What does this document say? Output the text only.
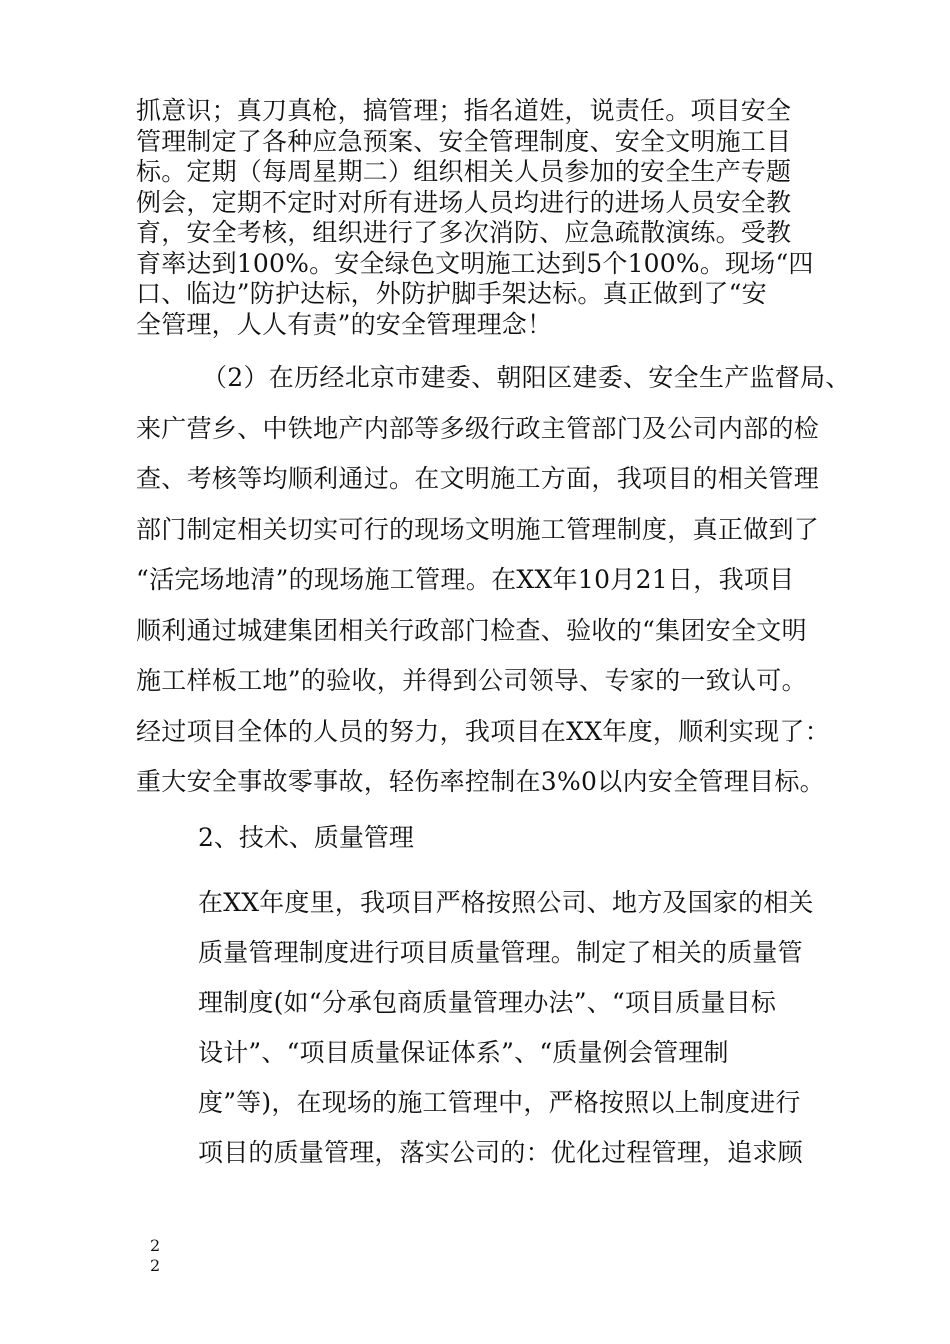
抓意识；真刀真枪，搞管理；指名道姓，说责任。项目安全
管理制定了各种应急预案、安全管理制度、安全文明施工目
标。定期（每周星期二）组织相关人员参加的安全生产专题
例会，定期不定时对所有进场人员均进行的进场人员安全教
育，安全考核，组织进行了多次消防、应急疏散演练。受教
育率达到100%。安全绿色文明施工达到5个100%。现场“四
口、临边”防护达标，外防护脚手架达标。真正做到了“安
全管理，人人有责”的安全管理理念！
（2）在历经北京市建委、朝阳区建委、安全生产监督局、
来广营乡、中铁地产内部等多级行政主管部门及公司内部的检
查、考核等均顺利通过。在文明施工方面，我项目的相关管理
部门制定相关切实可行的现场文明施工管理制度，真正做到了
“活完场地清”的现场施工管理。在XX年10月21日，我项目
顺利通过城建集团相关行政部门检查、验收的“集团安全文明
施工样板工地”的验收，并得到公司领导、专家的一致认可。
经过项目全体的人员的努力，我项目在XX年度，顺利实现了：
重大安全事故零事故，轻伤率控制在3%0以内安全管理目标。
2、技术、质量管理
在XX年度里，我项目严格按照公司、地方及国家的相关
质量管理制度进行项目质量管理。制定了相关的质量管
理制度(如“分承包商质量管理办法”、“项目质量目标
设计”、“项目质量保证体系”、“质量例会管理制
度”等)，在现场的施工管理中，严格按照以上制度进行
项目的质量管理，落实公司的：优化过程管理，追求顾
2
2
